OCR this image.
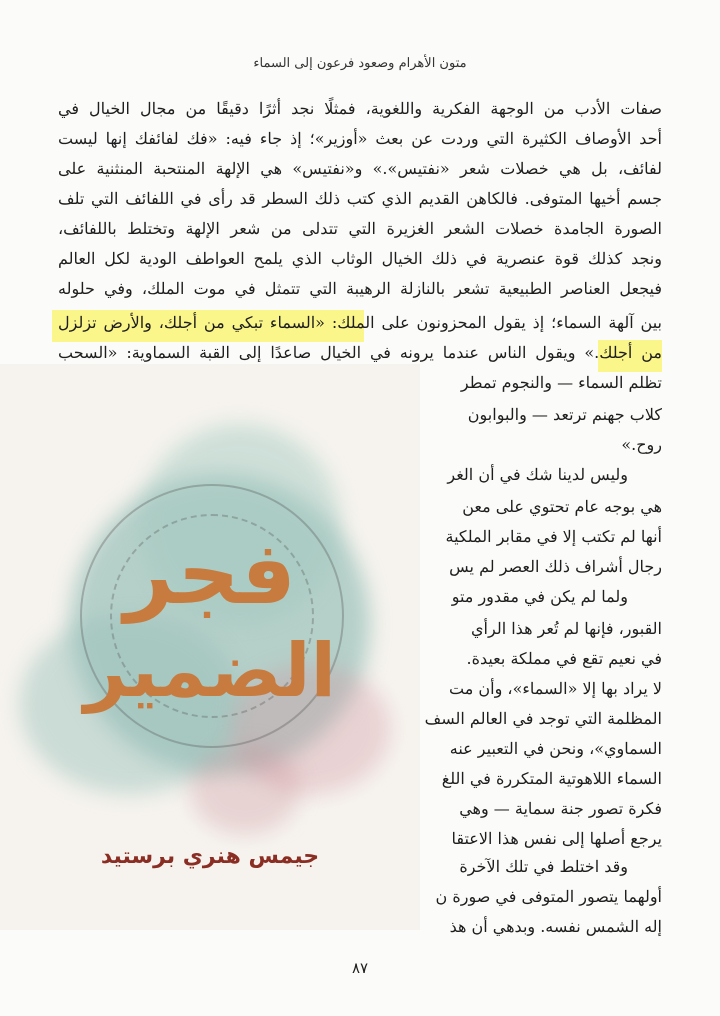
متون الأهرام وصعود فرعون إلى السماء
صفات الأدب من الوجهة الفكرية واللغوية، فمثلًا نجد أثرًا دقيقًا من مجال الخيال في
أحد الأوصاف الكثيرة التي وردت عن بعث «أوزير»؛ إذ جاء فيه: «فك لفائفك إنها ليست
لفائف، بل هي خصلات شعر «نفتيس».» و«نفتيس» هي الإلهة المنتحبة المنثنية على
جسم أخيها المتوفى. فالكاهن القديم الذي كتب ذلك السطر قد رأى في اللفائف التي تلف
الصورة الجامدة خصلات الشعر الغزيرة التي تتدلى من شعر الإلهة وتختلط باللفائف،
ونجد كذلك قوة عنصرية في ذلك الخيال الوثاب الذي يلمح العواطف الودية لكل العالم
فيجعل العناصر الطبيعية تشعر بالنازلة الرهيبة التي تتمثل في موت الملك، وفي حلوله
بين آلهة السماء؛ إذ يقول المحزونون على الملك: «السماء تبكي من أجلك، والأرض تزلزل
من أجلك.» ويقول الناس عندما يرونه في الخيال صاعدًا إلى القبة السماوية: «السحب
تظلم السماء — والنجوم تمطر
كلاب جهنم ترتعد — والبوابون
روح.»
وليس لدينا شك في أن الغر
هي بوجه عام تحتوي على معن
أنها لم تكتب إلا في مقابر الملكية
رجال أشراف ذلك العصر لم يس
ولما لم يكن في مقدور متو
القبور، فإنها لم تُعر هذا الرأي
في نعيم تقع في مملكة بعيدة.
لا يراد بها إلا «السماء»، وأن مت
المظلمة التي توجد في العالم السف
السماوي»، ونحن في التعبير عنه
السماء اللاهوتية المتكررة في اللغ
فكرة تصور جنة سماية — وهي
يرجع أصلها إلى نفس هذا الاعتقا
وقد اختلط في تلك الآخرة
أولهما يتصور المتوفى في صورة ن
إله الشمس نفسه. وبدهي أن هذ
٨٧
فجر
الضمير
جيمس هنري برستيد
